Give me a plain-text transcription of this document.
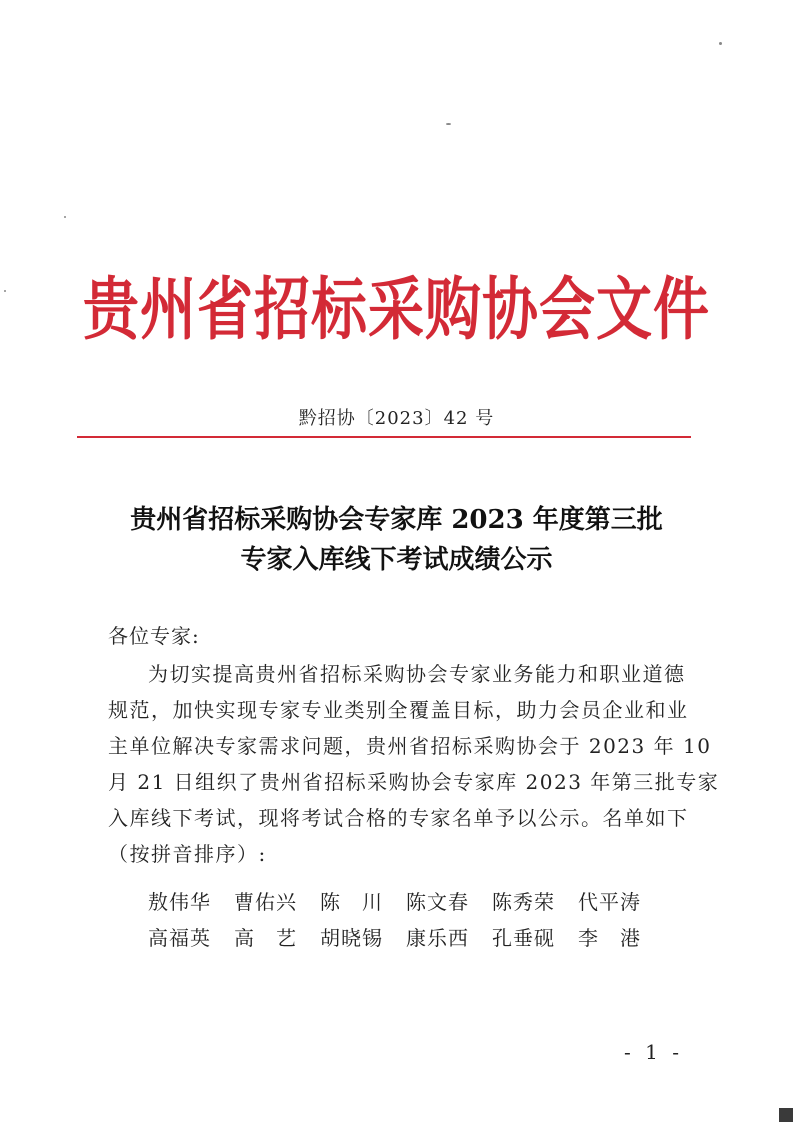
贵州省招标采购协会文件
黔招协〔2023〕42 号
贵州省招标采购协会专家库 2023 年度第三批
专家入库线下考试成绩公示
各位专家:
为切实提高贵州省招标采购协会专家业务能力和职业道德
规范，加快实现专家专业类别全覆盖目标，助力会员企业和业
主单位解决专家需求问题，贵州省招标采购协会于 2023 年 10
月 21 日组织了贵州省招标采购协会专家库 2023 年第三批专家
入库线下考试，现将考试合格的专家名单予以公示。名单如下
（按拼音排序）:
敖伟华	曹佑兴	陈　川	陈文春	陈秀荣	代平涛
高福英	高　艺	胡晓锡	康乐西	孔垂砚	李　港
- 1 -
